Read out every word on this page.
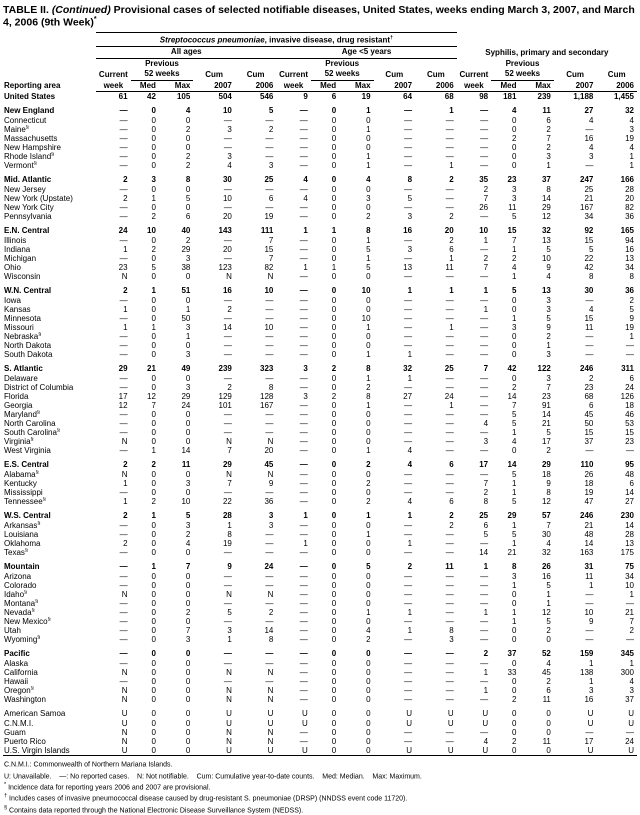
TABLE II. (Continued) Provisional cases of selected notifiable diseases, United States, weeks ending March 3, 2007, and March 4, 2006 (9th Week)*
Reporting area	Streptococcus pneumoniae, invasive disease, drug resistant†	
	All ages					Age <5 years					Syphilis, primary and secondary				
		Previous					Previous					Previous			
	Current	52 weeks		Cum	Cum	Current	52 weeks		Cum	Cum	Current	52 weeks		Cum	Cum
	week	Med	Max	2007	2006	week	Med	Max	2007	2006	week	Med	Max	2007	2006
United States	61	42	105	504	546	9	6	19	64	68	98	181	239	1,188	1,455
New England	—	0	4	10	5	—	0	1	—	1	—	4	11	27	32
Connecticut	—	0	0	—	—	—	0	0	—	—	—	0	6	4	4
Maine§	—	0	2	3	2	—	0	1	—	—	—	0	2	—	3
Massachusetts	—	0	0	—	—	—	0	0	—	—	—	2	7	16	19
New Hampshire	—	0	0	—	—	—	0	0	—	—	—	0	2	4	4
Rhode Island§	—	0	2	3	—	—	0	1	—	—	—	0	3	3	1
Vermont§	—	0	2	4	3	—	0	1	—	1	—	0	1	—	1
Mid. Atlantic	2	3	8	30	25	4	0	4	8	2	35	23	37	247	166
New Jersey	—	0	0	—	—	—	0	0	—	—	2	3	8	25	28
New York (Upstate)	2	1	5	10	6	4	0	3	5	—	7	3	14	21	20
New York City	—	0	0	—	—	—	0	0	—	—	26	11	29	167	82
Pennsylvania	—	2	6	20	19	—	0	2	3	2	—	5	12	34	36
E.N. Central	24	10	40	143	111	1	1	8	16	20	10	15	32	92	165
Illinois	—	0	2	—	7	—	0	1	—	2	1	7	13	15	94
Indiana	1	2	29	20	15	—	0	5	3	6	—	1	5	5	16
Michigan	—	0	3	—	7	—	0	1	—	1	2	2	10	22	13
Ohio	23	5	38	123	82	1	1	5	13	11	7	4	9	42	34
Wisconsin	N	0	0	N	N	—	0	0	—	—	—	1	4	8	8
W.N. Central	2	1	51	16	10	—	0	10	1	1	1	5	13	30	36
Iowa	—	0	0	—	—	—	0	0	—	—	—	0	3	—	2
Kansas	1	0	1	2	—	—	0	0	—	—	1	0	3	4	5
Minnesota	—	0	50	—	—	—	0	10	—	—	—	1	5	15	9
Missouri	1	1	3	14	10	—	0	1	—	1	—	3	9	11	19
Nebraska§	—	0	1	—	—	—	0	0	—	—	—	0	2	—	1
North Dakota	—	0	0	—	—	—	0	0	—	—	—	0	1	—	—
South Dakota	—	0	3	—	—	—	0	1	1	—	—	0	3	—	—
S. Atlantic	29	21	49	239	323	3	2	8	32	25	7	42	122	246	311
Delaware	—	0	0	—	—	—	0	1	1	—	—	0	3	2	6
District of Columbia	—	0	3	2	8	—	0	2	—	—	—	2	7	23	24
Florida	17	12	29	129	128	3	2	8	27	24	—	14	23	68	126
Georgia	12	7	24	101	167	—	0	1	—	1	—	7	91	6	18
Maryland§	—	0	0	—	—	—	0	0	—	—	—	5	14	45	46
North Carolina	—	0	0	—	—	—	0	0	—	—	4	5	21	50	53
South Carolina§	—	0	0	—	—	—	0	0	—	—	—	1	5	15	15
Virginia§	N	0	0	N	N	—	0	0	—	—	3	4	17	37	23
West Virginia	—	1	14	7	20	—	0	1	4	—	—	0	2	—	—
E.S. Central	2	2	11	29	45	—	0	2	4	6	17	14	29	110	95
Alabama§	N	0	0	N	N	—	0	0	—	—	—	5	18	26	48
Kentucky	1	0	3	7	9	—	0	2	—	—	7	1	9	18	6
Mississippi	—	0	0	—	—	—	0	0	—	—	2	1	8	19	14
Tennessee§	1	2	10	22	36	—	0	2	4	6	8	5	12	47	27
W.S. Central	2	1	5	28	3	1	0	1	1	2	25	29	57	246	230
Arkansas§	—	0	3	1	3	—	0	0	—	2	6	1	7	21	14
Louisiana	—	0	2	8	—	—	0	1	—	—	5	5	30	48	28
Oklahoma	2	0	4	19	—	1	0	0	1	—	—	1	4	14	13
Texas§	—	0	0	—	—	—	0	0	—	—	14	21	32	163	175
Mountain	—	1	7	9	24	—	0	5	2	11	1	8	26	31	75
Arizona	—	0	0	—	—	—	0	0	—	—	—	3	16	11	34
Colorado	—	0	0	—	—	—	0	0	—	—	—	1	5	1	10
Idaho§	N	0	0	N	N	—	0	0	—	—	—	0	1	—	1
Montana§	—	0	0	—	—	—	0	0	—	—	—	0	1	—	—
Nevada§	—	0	2	5	2	—	0	1	1	—	1	1	12	10	21
New Mexico§	—	0	0	—	—	—	0	0	—	—	—	1	5	9	7
Utah	—	0	7	3	14	—	0	4	1	8	—	0	2	—	2
Wyoming§	—	0	3	1	8	—	0	2	—	3	—	0	0	—	—
Pacific	—	0	0	—	—	—	0	0	—	—	2	37	52	159	345
Alaska	—	0	0	—	—	—	0	0	—	—	—	0	4	1	1
California	N	0	0	N	N	—	0	0	—	—	1	33	45	138	300
Hawaii	—	0	0	—	—	—	0	0	—	—	—	0	2	1	4
Oregon§	N	0	0	N	N	—	0	0	—	—	1	0	6	3	3
Washington	N	0	0	N	N	—	0	0	—	—	—	2	11	16	37
American Samoa	U	0	0	U	U	U	0	0	U	U	U	0	0	U	U
C.N.M.I.	U	0	0	U	U	U	0	0	U	U	U	0	0	U	U
Guam	N	0	0	N	N	—	0	0	—	—	—	0	0	—	—
Puerto Rico	N	0	0	N	N	—	0	0	—	—	4	2	11	17	24
U.S. Virgin Islands	U	0	0	U	U	U	0	0	U	U	U	0	0	U	U
C.N.M.I.: Commonwealth of Northern Mariana Islands.
U: Unavailable.    —: No reported cases.    N: Not notifiable.    Cum: Cumulative year-to-date counts.    Med: Median.    Max: Maximum.
* Incidence data for reporting years 2006 and 2007 are provisional.
† Includes cases of invasive pneumococcal disease caused by drug-resistant S. pneumoniae (DRSP) (NNDSS event code 11720).
§ Contains data reported through the National Electronic Disease Surveillance System (NEDSS).
